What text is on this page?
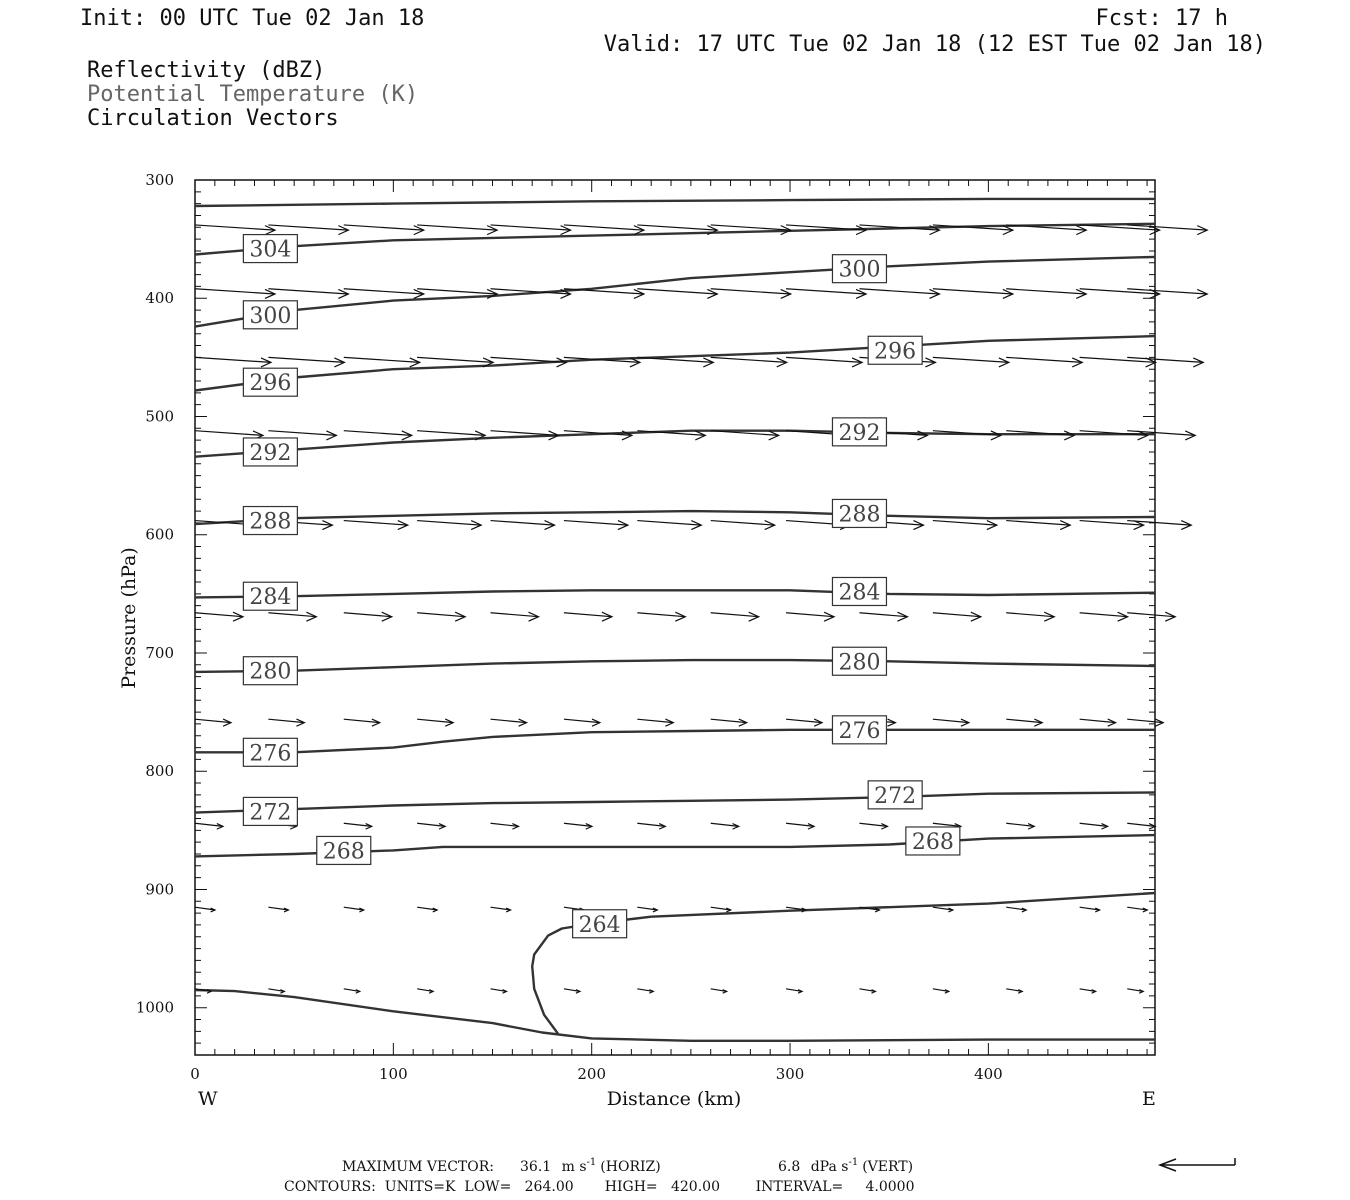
Init: 00 UTC Tue 02 Jan 18	Fcst: 17 h
Valid: 17 UTC Tue 02 Jan 18 (12 EST Tue 02 Jan 18)
Reflectivity (dBZ)
Potential Temperature (K)
Circulation Vectors
0	100	200	300	400
300
400
500
600
700
800
900
1000
Distance (km)
Pressure (hPa)
W	E
304
300
300
296
296
292
292
288	288
284	284
280	280
276
276
272
272
268	268
264
MAXIMUM VECTOR: 36.1 m $s^{-1}$ (HORIZ)	6.8 dPa $s^{-1}$ (VERT)
CONTOURS:  UNITS=K  LOW=   264.00       HIGH=   420.00        INTERVAL=     4.0000
